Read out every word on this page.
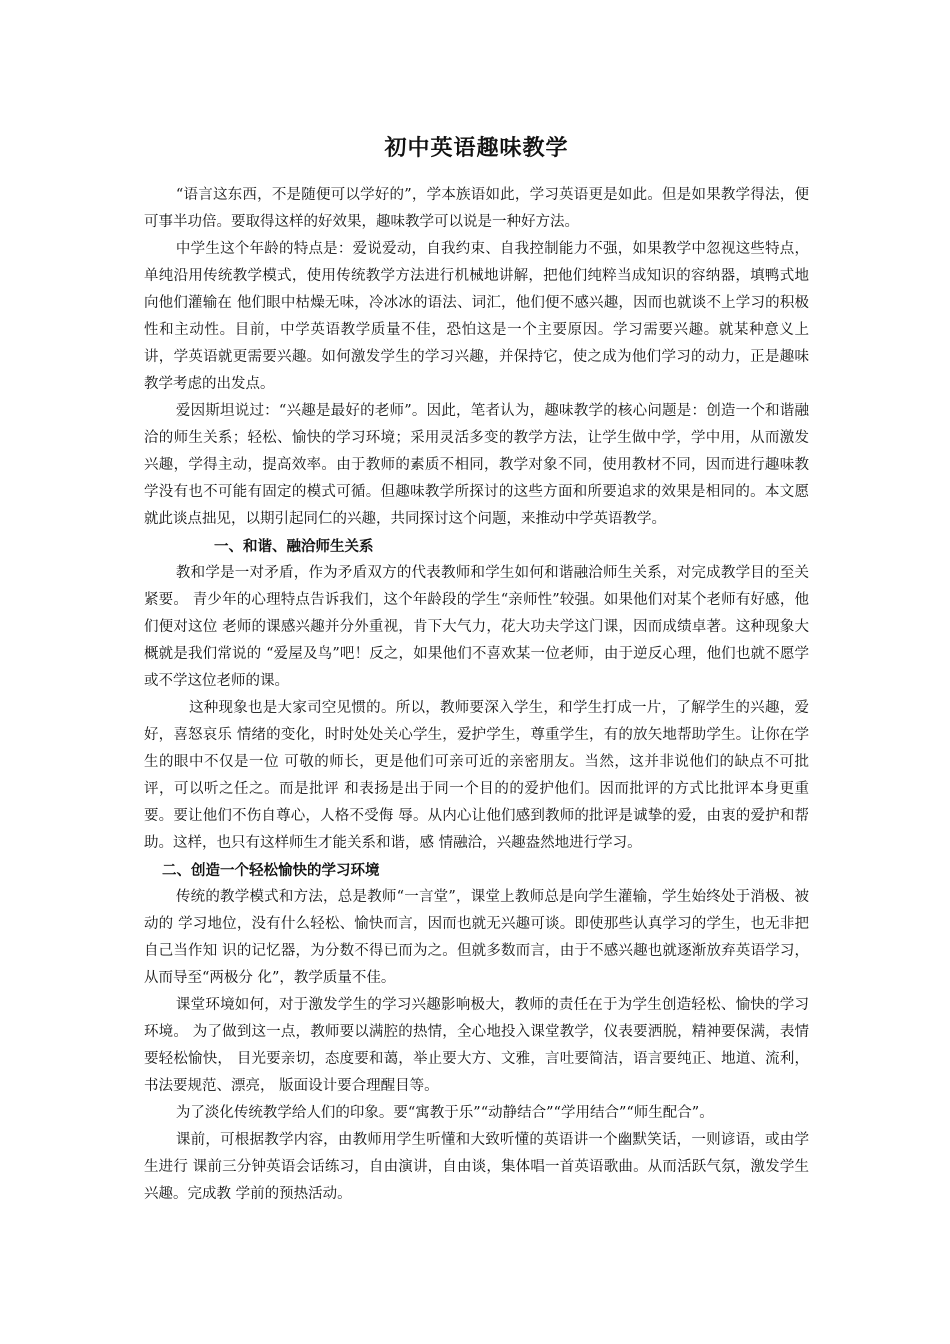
初中英语趣味教学

“语言这东西，不是随便可以学好的”，学本族语如此，学习英语更是如此。但是如果教学得法，便可事半功倍。要取得这样的好效果，趣味教学可以说是一种好方法。

中学生这个年龄的特点是：爱说爱动，自我约束、自我控制能力不强，如果教学中忽视这些特点，单纯沿用传统教学模式，使用传统教学方法进行机械地讲解，把他们纯粹当成知识的容纳器，填鸭式地向他们灌输在 他们眼中枯燥无味，冷冰冰的语法、词汇，他们便不感兴趣，因而也就谈不上学习的积极性和主动性。目前，中学英语教学质量不佳，恐怕这是一个主要原因。学习需要兴趣。就某种意义上讲，学英语就更需要兴趣。如何激发学生的学习兴趣，并保持它，使之成为他们学习的动力，正是趣味教学考虑的出发点。

爱因斯坦说过：“兴趣是最好的老师”。因此，笔者认为，趣味教学的核心问题是：创造一个和谐融洽的师生关系；轻松、愉快的学习环境；采用灵活多变的教学方法，让学生做中学，学中用，从而激发兴趣，学得主动，提高效率。由于教师的素质不相同，教学对象不同，使用教材不同，因而进行趣味教学没有也不可能有固定的模式可循。但趣味教学所探讨的这些方面和所要追求的效果是相同的。本文愿就此谈点拙见，以期引起同仁的兴趣，共同探讨这个问题，来推动中学英语教学。

一、和谐、融洽师生关系

教和学是一对矛盾，作为矛盾双方的代表教师和学生如何和谐融洽师生关系，对完成教学目的至关紧要。 青少年的心理特点告诉我们，这个年龄段的学生“亲师性”较强。如果他们对某个老师有好感，他们便对这位 老师的课感兴趣并分外重视，肯下大气力，花大功夫学这门课，因而成绩卓著。这种现象大概就是我们常说的 “爱屋及鸟”吧！反之，如果他们不喜欢某一位老师，由于逆反心理，他们也就不愿学或不学这位老师的课。

这种现象也是大家司空见惯的。所以，教师要深入学生，和学生打成一片，了解学生的兴趣，爱好，喜怒哀乐 情绪的变化，时时处处关心学生，爱护学生，尊重学生，有的放矢地帮助学生。让你在学生的眼中不仅是一位 可敬的师长，更是他们可亲可近的亲密朋友。当然，这并非说他们的缺点不可批评，可以听之任之。而是批评 和表扬是出于同一个目的的爱护他们。因而批评的方式比批评本身更重要。要让他们不伤自尊心，人格不受侮 辱。从内心让他们感到教师的批评是诚挚的爱，由衷的爱护和帮助。这样，也只有这样师生才能关系和谐，感 情融洽，兴趣盎然地进行学习。

二、创造一个轻松愉快的学习环境

传统的教学模式和方法，总是教师“一言堂”，课堂上教师总是向学生灌输，学生始终处于消极、被动的 学习地位，没有什么轻松、愉快而言，因而也就无兴趣可谈。即使那些认真学习的学生，也无非把自己当作知 识的记忆器，为分数不得已而为之。但就多数而言，由于不感兴趣也就逐渐放弃英语学习，从而导至“两极分 化”，教学质量不佳。

课堂环境如何，对于激发学生的学习兴趣影响极大，教师的责任在于为学生创造轻松、愉快的学习环境。 为了做到这一点，教师要以满腔的热情，全心地投入课堂教学，仪表要洒脱，精神要保满，表情要轻松愉快， 目光要亲切，态度要和蔼，举止要大方、文雅，言吐要简洁，语言要纯正、地道、流利，书法要规范、漂亮， 版面设计要合理醒目等。

为了淡化传统教学给人们的印象。要“寓教于乐”“动静结合”“学用结合”“师生配合”。

课前，可根据教学内容，由教师用学生听懂和大致听懂的英语讲一个幽默笑话，一则谚语，或由学生进行 课前三分钟英语会话练习，自由演讲，自由谈，集体唱一首英语歌曲。从而活跃气氛，激发学生兴趣。完成教 学前的预热活动。
